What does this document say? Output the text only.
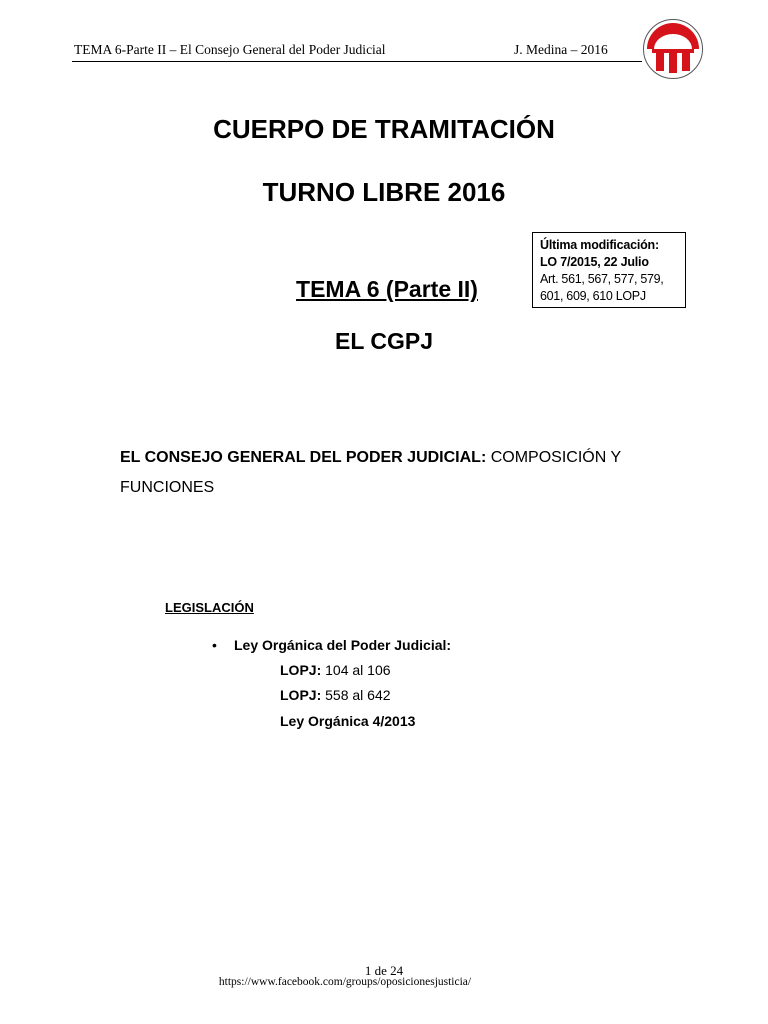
TEMA 6-Parte II – El Consejo General del Poder Judicial	J. Medina – 2016
CUERPO DE TRAMITACIÓN
TURNO LIBRE 2016
Última modificación:
LO 7/2015, 22 Julio
Art. 561, 567, 577, 579,
601, 609, 610 LOPJ
TEMA 6 (Parte II)
EL CGPJ
EL CONSEJO GENERAL DEL PODER JUDICIAL: COMPOSICIÓN Y FUNCIONES
LEGISLACIÓN
• Ley Orgánica del Poder Judicial:
LOPJ: 104 al 106
LOPJ: 558 al 642
Ley Orgánica 4/2013
1 de 24
https://www.facebook.com/groups/oposicionesjusticia/
